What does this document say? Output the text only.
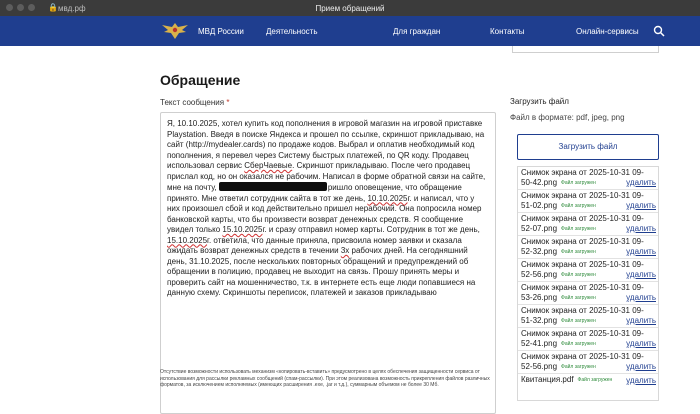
🔒 мвд.рф	Прием обращений
МВД России	Деятельность	Для граждан	Контакты	Онлайн-сервисы
Обращение
Текст сообщения *
Я, 10.10.2025, хотел купить код пополнения в игровой магазин на игровой приставке Playstation. Введя в поиске Яндекса и прошел по ссылке, скриншот прикладываю, на сайт (http://mydealer.cards) по продаже кодов. Выбрал и оплатив необходимый код пополнения, я перевел через Систему быстрых платежей, по QR коду. Продавец использовал сервис СберЧаевые. Скриншот прикладываю. После чего продавец прислал код, но он оказался не рабочим. Написал в форме обратной связи на сайте, мне на почту,	ришло оповещение, что обращение принято. Мне ответил сотрудник сайта в тот же день, 10.10.2025г. и написал, что у них произошел сбой и код действительно пришел нерабочий. Она попросила номер банковской карты, что бы произвести возврат денежных средств. Я сообщение увидел только 15.10.2025г. и сразу отправил номер карты. Сотрудник в тот же день, 15.10.2025г. ответила, что данные приняла, присвоила номер заявки и сказала ожидать возврат денежных средств в течении 3х рабочих дней. На сегодняшний день, 31.10.2025, после нескольких повторных обращений и предупреждений об обращении в полицию, продавец не выходит на связь. Прошу принять меры и проверить сайт на мошенничество, т.к. в интернете есть еще люди попавшиеся на данную схему. Скриншоты переписок, платежей и заказов прикладываю
Отсутствие возможности использовать механизм «копировать-вставить» предусмотрено в целях обеспечения защищенности сервиса от использования для рассылки рекламных сообщений (спам-рассылки). При этом реализована возможность прикрепления файлов различных форматов, за исключением исполняемых (имеющих расширения .exe, .jar и т.д.), суммарным объемом не более 30 Мб.
Загрузить файл
Файл в формате: pdf, jpeg, png
Загрузить файл
Снимок экрана от 2025-10-31 09-
50-42.png Файл загружен	удалить
Снимок экрана от 2025-10-31 09-
51-02.png Файл загружен	удалить
Снимок экрана от 2025-10-31 09-
52-07.png Файл загружен	удалить
Снимок экрана от 2025-10-31 09-
52-32.png Файл загружен	удалить
Снимок экрана от 2025-10-31 09-
52-56.png Файл загружен	удалить
Снимок экрана от 2025-10-31 09-
53-26.png Файл загружен	удалить
Снимок экрана от 2025-10-31 09-
51-32.png Файл загружен	удалить
Снимок экрана от 2025-10-31 09-
52-41.png Файл загружен	удалить
Снимок экрана от 2025-10-31 09-
52-56.png Файл загружен	удалить
Квитанция.pdf Файл загружен	удалить
